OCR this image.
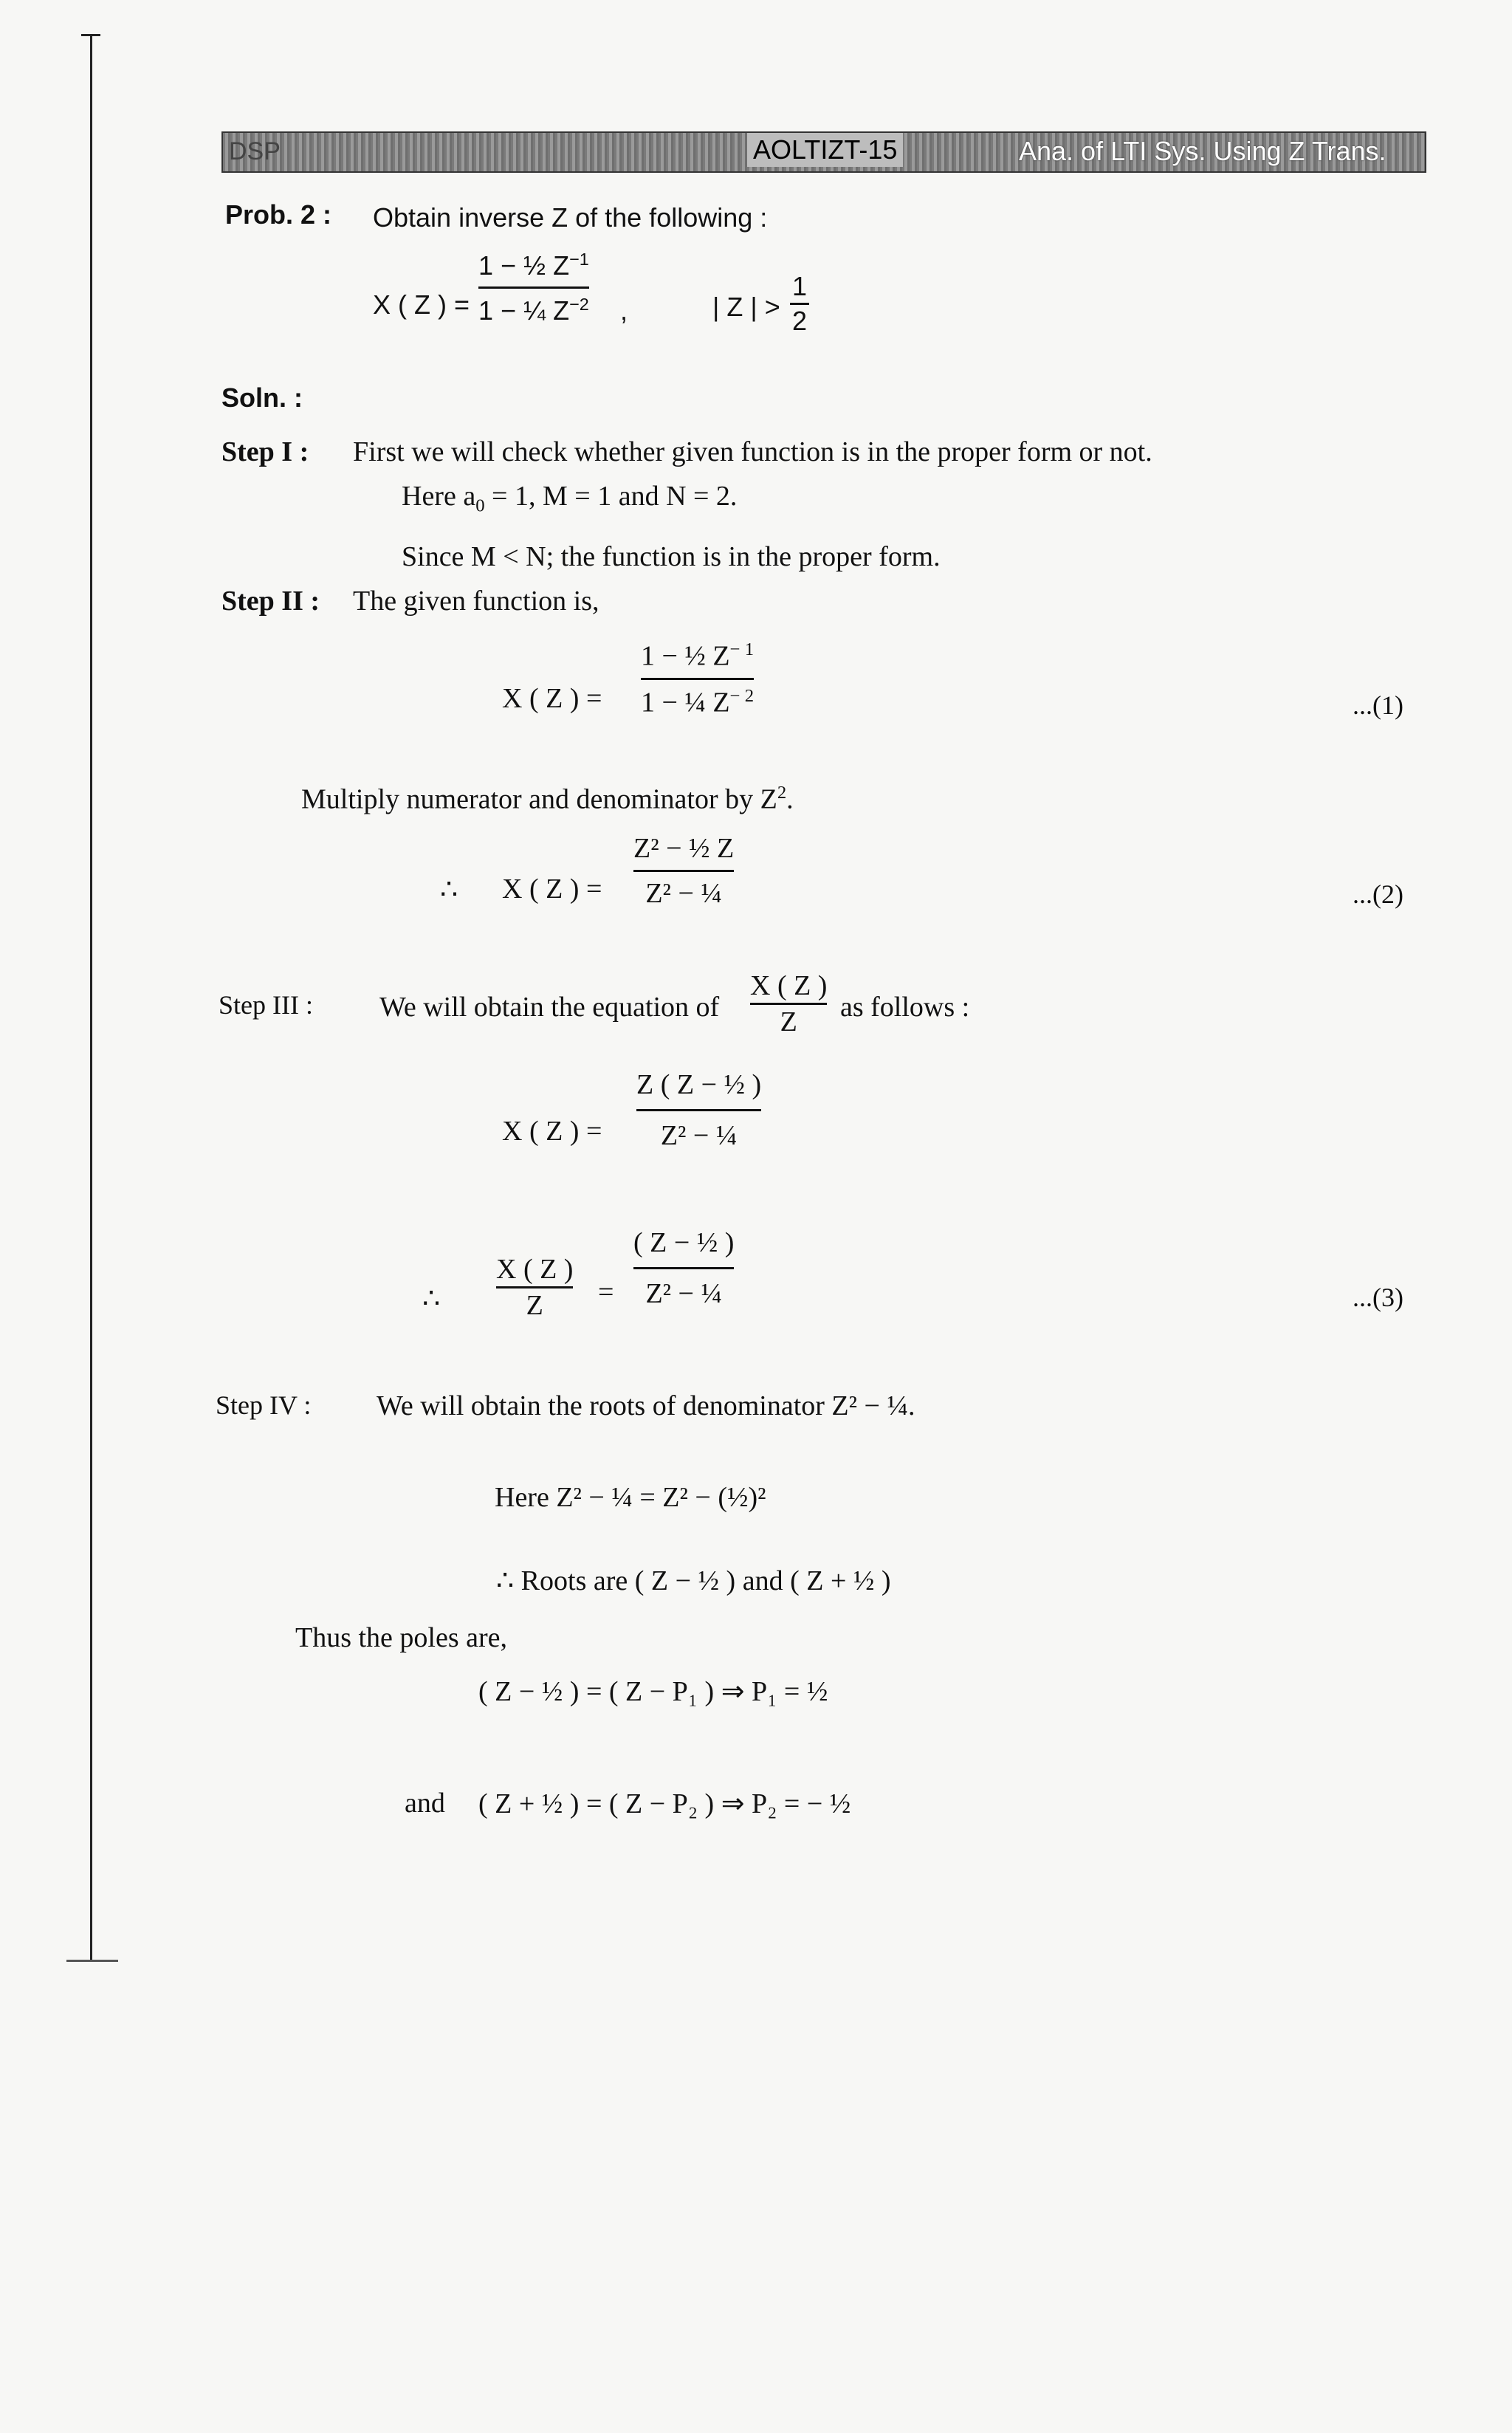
DSP	AOLTIZT-15	Ana. of LTI Sys. Using Z Trans.
Prob. 2 : Obtain inverse Z of the following :
X ( Z ) =
1 − ½ $Z^{-1}$
1 − ¼ $Z^{-2}$ ,	| Z | >
1
2
Soln. :
Step I : First we will check whether given function is in the proper form or not.
Here $a_0 = 1$, M = 1 and N = 2.
Since M < N; the function is in the proper form.
Step II : The given function is,
X ( Z ) =
1 − ½ $Z^{- 1}$
1 − ¼ $Z^{- 2}$	...(1)
Multiply numerator and denominator by $Z^2$.
∴ X ( Z ) =
Z² − ½ Z
Z² − ¼	...(2)
Step III : We will obtain the equation of
X ( Z )
Z as follows :
X ( Z ) =
Z ( Z − ½ )
Z² − ¼
∴
X ( Z )
Z =
( Z − ½ )
Z² − ¼	...(3)
Step IV : We will obtain the roots of denominator Z² − ¼.
Here Z² − ¼ = Z² − (½)²
∴ Roots are ( Z − ½ ) and ( Z + ½ )
Thus the poles are,
( Z − ½ ) = ( Z − P₁ ) ⇒ P₁ = ½
and ( Z + ½ ) = ( Z − P₂ ) ⇒ P₂ = − ½
